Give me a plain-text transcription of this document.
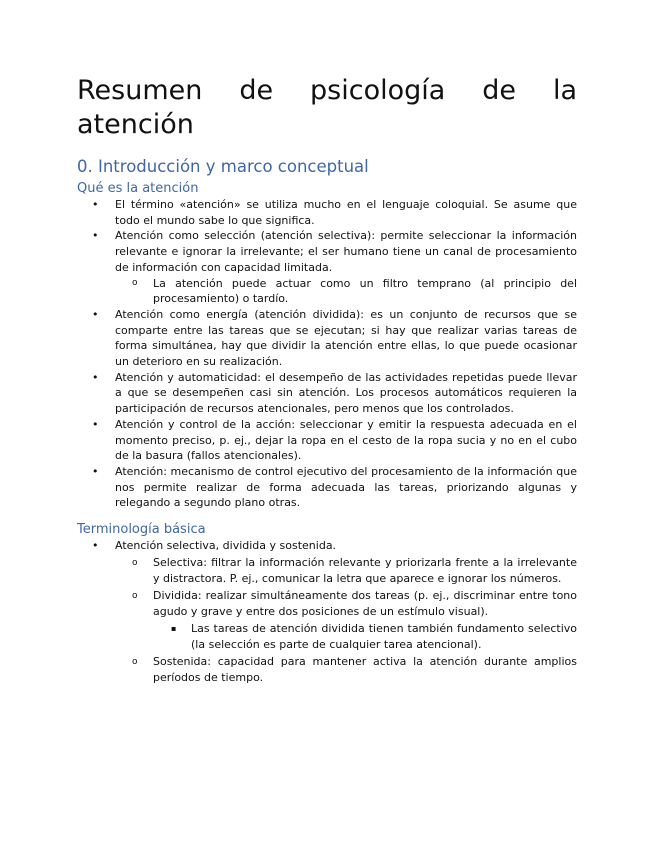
Resumen de psicología de la atención
0. Introducción y marco conceptual
Qué es la atención
• El término «atención» se utiliza mucho en el lenguaje coloquial. Se asume que todo el mundo sabe lo que significa.
• Atención como selección (atención selectiva): permite seleccionar la información relevante e ignorar la irrelevante; el ser humano tiene un canal de procesamiento de información con capacidad limitada.
o La atención puede actuar como un filtro temprano (al principio del procesamiento) o tardío.
• Atención como energía (atención dividida): es un conjunto de recursos que se comparte entre las tareas que se ejecutan; si hay que realizar varias tareas de forma simultánea, hay que dividir la atención entre ellas, lo que puede ocasionar un deterioro en su realización.
• Atención y automaticidad: el desempeño de las actividades repetidas puede llevar a que se desempeñen casi sin atención. Los procesos automáticos requieren la participación de recursos atencionales, pero menos que los controlados.
• Atención y control de la acción: seleccionar y emitir la respuesta adecuada en el momento preciso, p. ej., dejar la ropa en el cesto de la ropa sucia y no en el cubo de la basura (fallos atencionales).
• Atención: mecanismo de control ejecutivo del procesamiento de la información que nos permite realizar de forma adecuada las tareas, priorizando algunas y relegando a segundo plano otras.
Terminología básica
• Atención selectiva, dividida y sostenida.
o Selectiva: filtrar la información relevante y priorizarla frente a la irrelevante y distractora. P. ej., comunicar la letra que aparece e ignorar los números.
o Dividida: realizar simultáneamente dos tareas (p. ej., discriminar entre tono agudo y grave y entre dos posiciones de un estímulo visual).
▪ Las tareas de atención dividida tienen también fundamento selectivo (la selección es parte de cualquier tarea atencional).
o Sostenida: capacidad para mantener activa la atención durante amplios períodos de tiempo.
